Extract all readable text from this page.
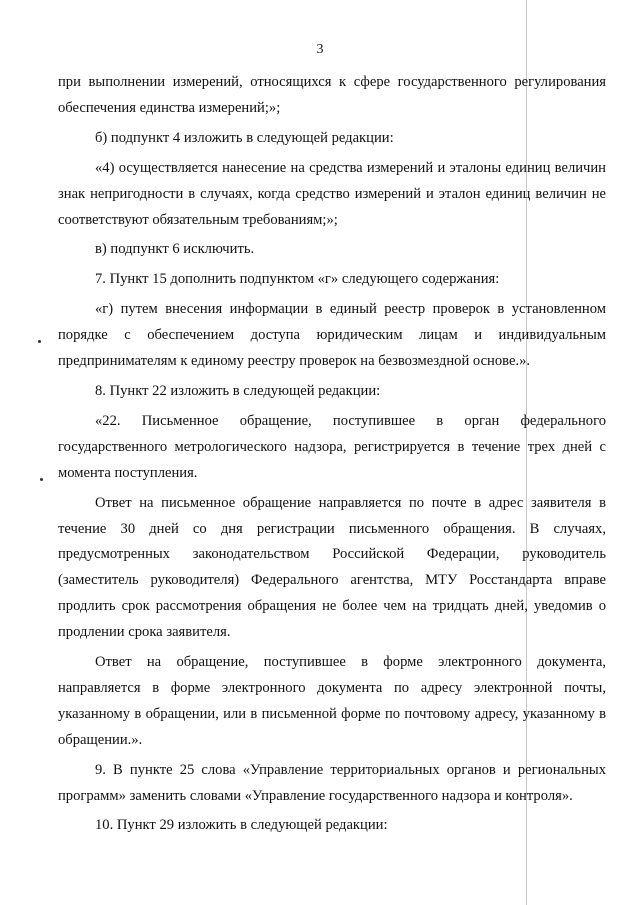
3

при выполнении измерений, относящихся к сфере государственного регулирования обеспечения единства измерений;»;

б) подпункт 4 изложить в следующей редакции:

«4) осуществляется нанесение на средства измерений и эталоны единиц величин знак непригодности в случаях, когда средство измерений и эталон единиц величин не соответствуют обязательным требованиям;»;

в) подпункт 6 исключить.

7. Пункт 15 дополнить подпунктом «г» следующего содержания:

«г) путем внесения информации в единый реестр проверок в установленном порядке с обеспечением доступа юридическим лицам и индивидуальным предпринимателям к единому реестру проверок на безвозмездной основе.».

8. Пункт 22 изложить в следующей редакции:

«22. Письменное обращение, поступившее в орган федерального государственного метрологического надзора, регистрируется в течение трех дней с момента поступления.

Ответ на письменное обращение направляется по почте в адрес заявителя в течение 30 дней со дня регистрации письменного обращения. В случаях, предусмотренных законодательством Российской Федерации, руководитель (заместитель руководителя) Федерального агентства, МТУ Росстандарта вправе продлить срок рассмотрения обращения не более чем на тридцать дней, уведомив о продлении срока заявителя.

Ответ на обращение, поступившее в форме электронного документа, направляется в форме электронного документа по адресу электронной почты, указанному в обращении, или в письменной форме по почтовому адресу, указанному в обращении.».

9. В пункте 25 слова «Управление территориальных органов и региональных программ» заменить словами «Управление государственного надзора и контроля».

10. Пункт 29 изложить в следующей редакции:
